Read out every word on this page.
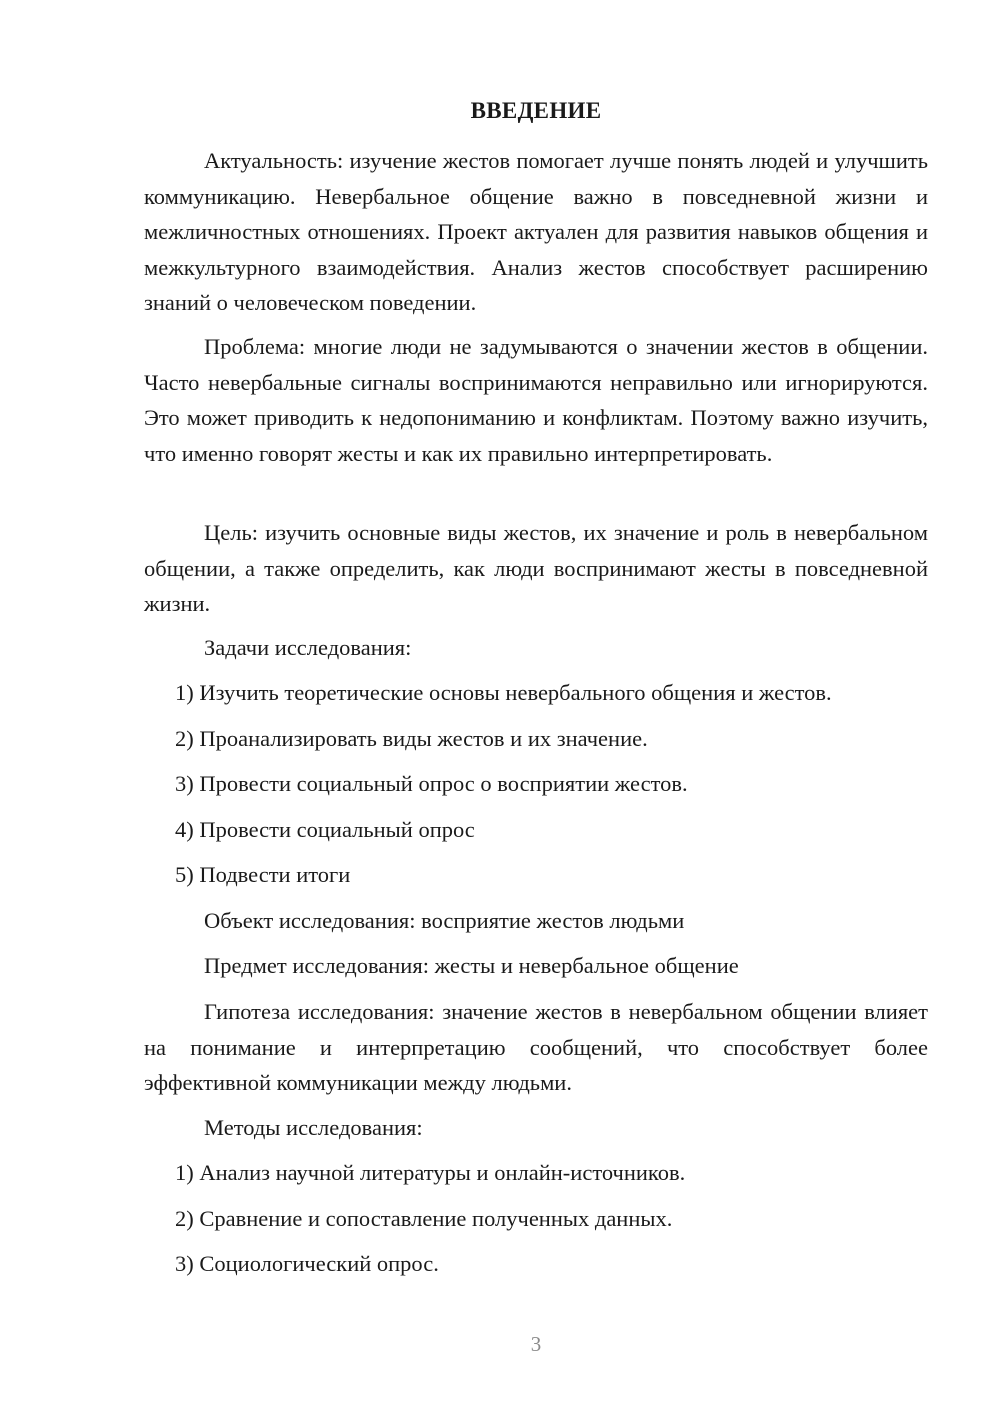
ВВЕДЕНИЕ

Актуальность: изучение жестов помогает лучше понять людей и улучшить коммуникацию. Невербальное общение важно в повседневной жизни и межличностных отношениях. Проект актуален для развития навыков общения и межкультурного взаимодействия. Анализ жестов способствует расширению знаний о человеческом поведении.

Проблема: многие люди не задумываются о значении жестов в общении. Часто невербальные сигналы воспринимаются неправильно или игнорируются. Это может приводить к недопониманию и конфликтам. Поэтому важно изучить, что именно говорят жесты и как их правильно интерпретировать.

Цель: изучить основные виды жестов, их значение и роль в невербальном общении, а также определить, как люди воспринимают жесты в повседневной жизни.

Задачи исследования:

1) Изучить теоретические основы невербального общения и жестов.

2) Проанализировать виды жестов и их значение.

3) Провести социальный опрос о восприятии жестов.

4) Провести социальный опрос

5) Подвести итоги

Объект исследования: восприятие жестов людьми

Предмет исследования: жесты и невербальное общение

Гипотеза исследования: значение жестов в невербальном общении влияет на понимание и интерпретацию сообщений, что способствует более эффективной коммуникации между людьми.

Методы исследования:

1) Анализ научной литературы и онлайн-источников.

2) Сравнение и сопоставление полученных данных.

3) Социологический опрос.

3
